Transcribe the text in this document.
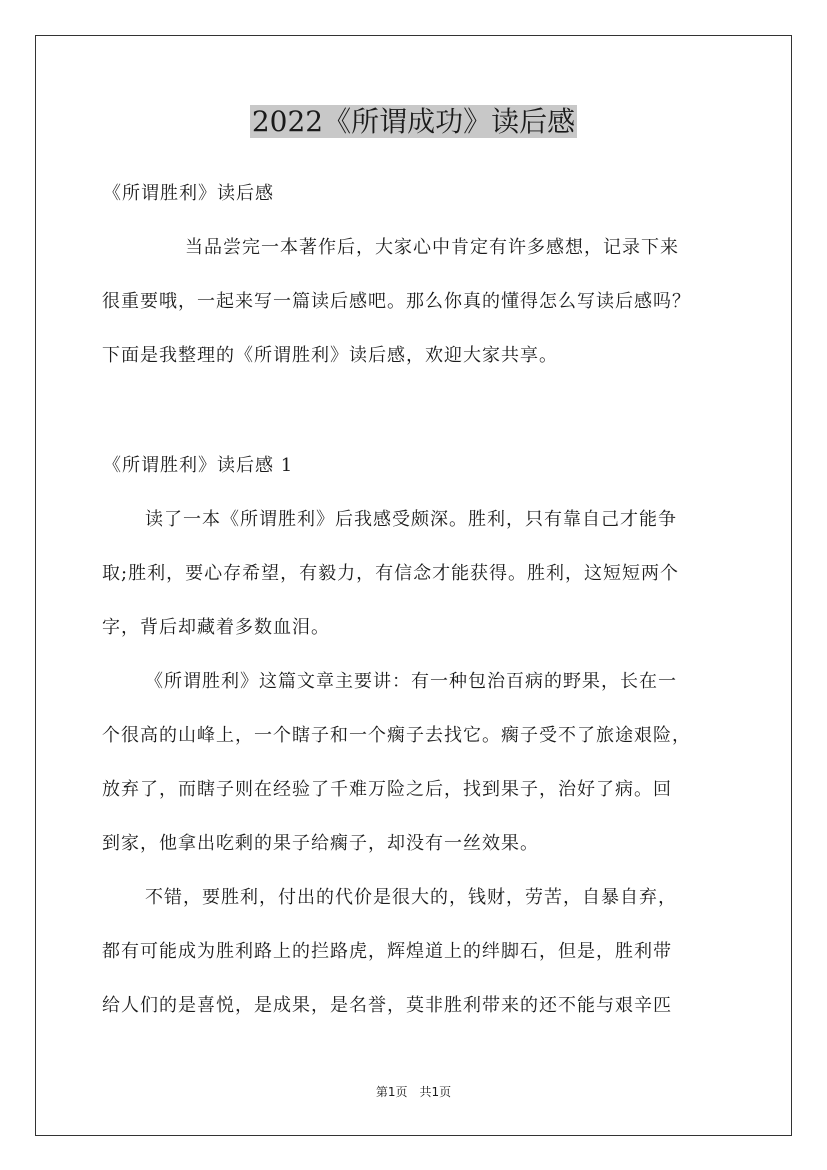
2022《所谓成功》读后感
《所谓胜利》读后感
当品尝完一本著作后，大家心中肯定有许多感想，记录下来
很重要哦，一起来写一篇读后感吧。那么你真的懂得怎么写读后感吗？
下面是我整理的《所谓胜利》读后感，欢迎大家共享。
《所谓胜利》读后感 1
读了一本《所谓胜利》后我感受颇深。胜利，只有靠自己才能争
取;胜利，要心存希望，有毅力，有信念才能获得。胜利，这短短两个
字，背后却藏着多数血泪。
《所谓胜利》这篇文章主要讲：有一种包治百病的野果，长在一
个很高的山峰上，一个瞎子和一个瘸子去找它。瘸子受不了旅途艰险，
放弃了，而瞎子则在经验了千难万险之后，找到果子，治好了病。回
到家，他拿出吃剩的果子给瘸子，却没有一丝效果。
不错，要胜利，付出的代价是很大的，钱财，劳苦，自暴自弃，
都有可能成为胜利路上的拦路虎，辉煌道上的绊脚石，但是，胜利带
给人们的是喜悦，是成果，是名誉，莫非胜利带来的还不能与艰辛匹
第1页　共1页
